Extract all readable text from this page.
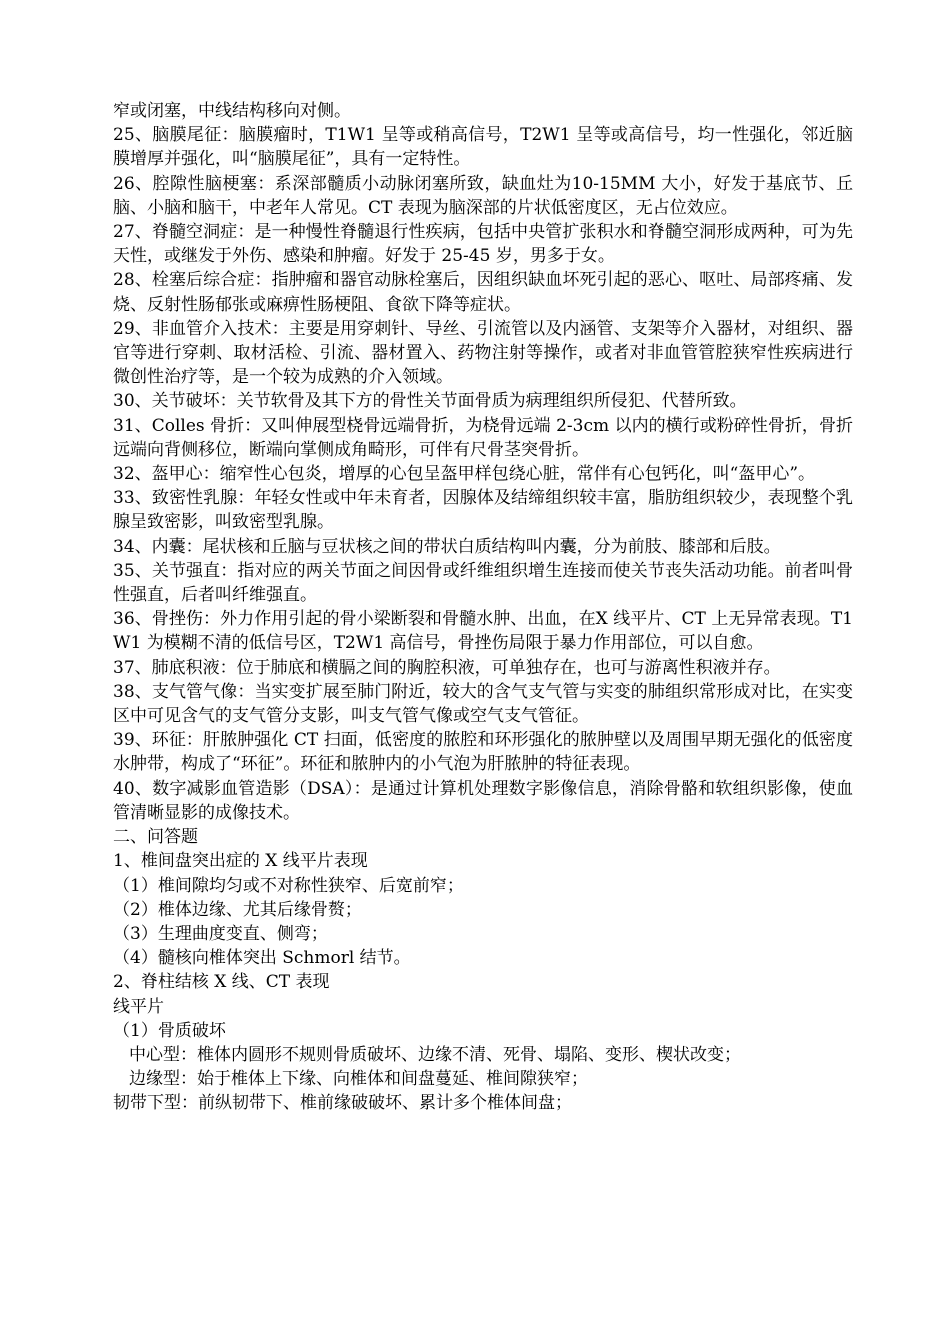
窄或闭塞，中线结构移向对侧。

25、脑膜尾征：脑膜瘤时，T1W1 呈等或稍高信号，T2W1 呈等或高信号，均一性强化，邻近脑膜增厚并强化，叫“脑膜尾征”，具有一定特性。

26、腔隙性脑梗塞：系深部髓质小动脉闭塞所致，缺血灶为10-15MM 大小，好发于基底节、丘脑、小脑和脑干，中老年人常见。CT 表现为脑深部的片状低密度区，无占位效应。

27、脊髓空洞症：是一种慢性脊髓退行性疾病，包括中央管扩张积水和脊髓空洞形成两种，可为先天性，或继发于外伤、感染和肿瘤。好发于 25-45 岁，男多于女。

28、栓塞后综合症：指肿瘤和器官动脉栓塞后，因组织缺血坏死引起的恶心、呕吐、局部疼痛、发烧、反射性肠郁张或麻痹性肠梗阻、食欲下降等症状。

29、非血管介入技术：主要是用穿刺针、导丝、引流管以及内涵管、支架等介入器材，对组织、器官等进行穿刺、取材活检、引流、器材置入、药物注射等操作，或者对非血管管腔狭窄性疾病进行微创性治疗等，是一个较为成熟的介入领域。

30、关节破坏：关节软骨及其下方的骨性关节面骨质为病理组织所侵犯、代替所致。

31、Colles 骨折：又叫伸展型桡骨远端骨折，为桡骨远端 2-3cm 以内的横行或粉碎性骨折，骨折远端向背侧移位，断端向掌侧成角畸形，可伴有尺骨茎突骨折。

32、盔甲心：缩窄性心包炎，增厚的心包呈盔甲样包绕心脏，常伴有心包钙化，叫“盔甲心”。

33、致密性乳腺：年轻女性或中年未育者，因腺体及结缔组织较丰富，脂肪组织较少，表现整个乳腺呈致密影，叫致密型乳腺。

34、内囊：尾状核和丘脑与豆状核之间的带状白质结构叫内囊，分为前肢、膝部和后肢。

35、关节强直：指对应的两关节面之间因骨或纤维组织增生连接而使关节丧失活动功能。前者叫骨性强直，后者叫纤维强直。

36、骨挫伤：外力作用引起的骨小梁断裂和骨髓水肿、出血，在X 线平片、CT 上无异常表现。T1W1 为模糊不清的低信号区，T2W1 高信号，骨挫伤局限于暴力作用部位，可以自愈。

37、肺底积液：位于肺底和横膈之间的胸腔积液，可单独存在，也可与游离性积液并存。

38、支气管气像：当实变扩展至肺门附近，较大的含气支气管与实变的肺组织常形成对比，在实变区中可见含气的支气管分支影，叫支气管气像或空气支气管征。

39、环征：肝脓肿强化 CT 扫面，低密度的脓腔和环形强化的脓肿壁以及周围早期无强化的低密度水肿带，构成了“环征”。环征和脓肿内的小气泡为肝脓肿的特征表现。

40、数字减影血管造影（DSA）：是通过计算机处理数字影像信息，消除骨骼和软组织影像，使血管清晰显影的成像技术。

二、问答题

1、椎间盘突出症的 X 线平片表现

（1）椎间隙均匀或不对称性狭窄、后宽前窄；

（2）椎体边缘、尤其后缘骨赘；

（3）生理曲度变直、侧弯；

（4）髓核向椎体突出 Schmorl 结节。

2、脊柱结核 X 线、CT 表现

线平片

（1）骨质破坏

中心型：椎体内圆形不规则骨质破坏、边缘不清、死骨、塌陷、变形、楔状改变；

边缘型：始于椎体上下缘、向椎体和间盘蔓延、椎间隙狭窄；

韧带下型：前纵韧带下、椎前缘破破坏、累计多个椎体间盘；
